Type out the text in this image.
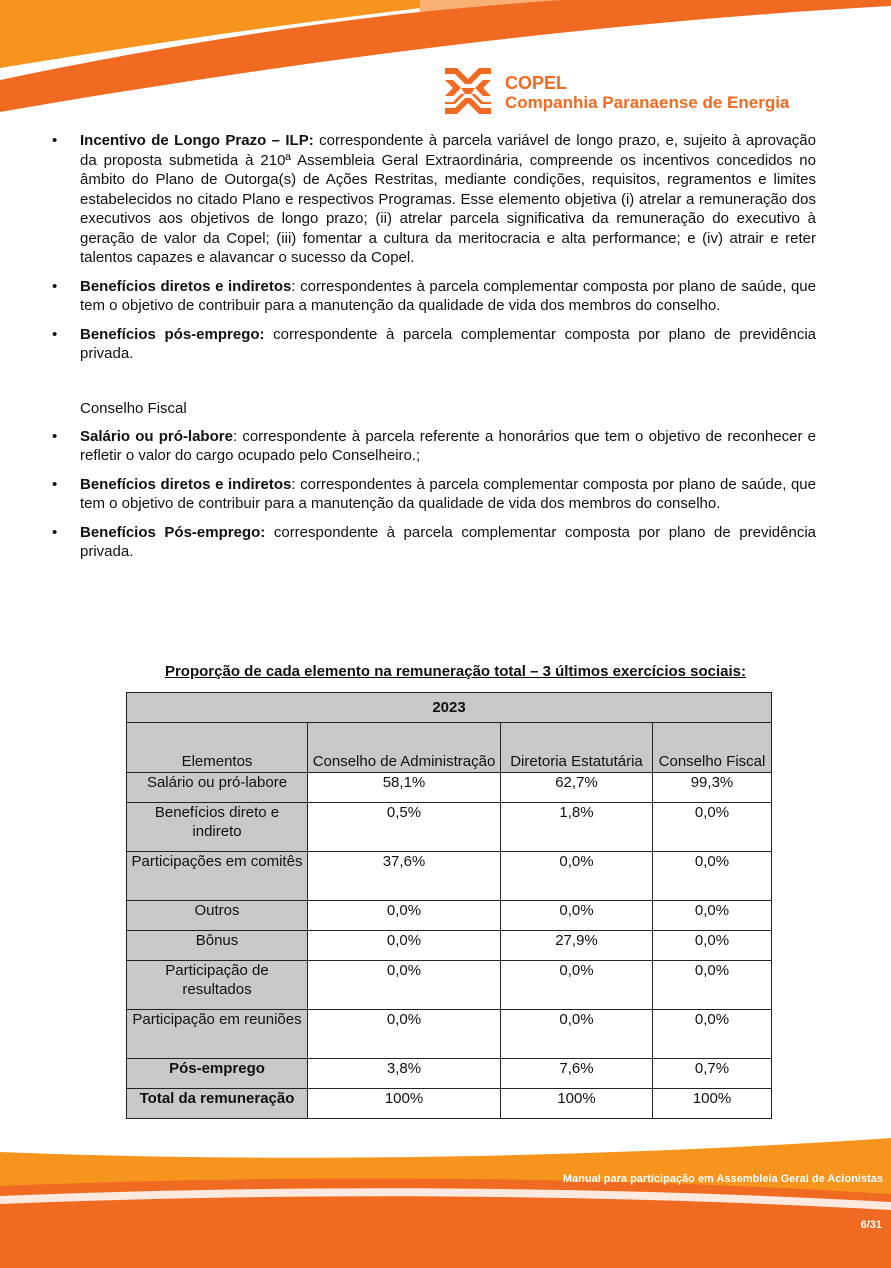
COPEL
Companhia Paranaense de Energia
• Incentivo de Longo Prazo – ILP: correspondente à parcela variável de longo prazo, e, sujeito à aprovação da proposta submetida à 210ª Assembleia Geral Extraordinária, compreende os incentivos concedidos no âmbito do Plano de Outorga(s) de Ações Restritas, mediante condições, requisitos, regramentos e limites estabelecidos no citado Plano e respectivos Programas. Esse elemento objetiva (i) atrelar a remuneração dos executivos aos objetivos de longo prazo; (ii) atrelar parcela significativa da remuneração do executivo à geração de valor da Copel; (iii) fomentar a cultura da meritocracia e alta performance; e (iv) atrair e reter talentos capazes e alavancar o sucesso da Copel.
• Benefícios diretos e indiretos: correspondentes à parcela complementar composta por plano de saúde, que tem o objetivo de contribuir para a manutenção da qualidade de vida dos membros do conselho.
• Benefícios pós-emprego: correspondente à parcela complementar composta por plano de previdência privada.
Conselho Fiscal
• Salário ou pró-labore: correspondente à parcela referente a honorários que tem o objetivo de reconhecer e refletir o valor do cargo ocupado pelo Conselheiro.;
• Benefícios diretos e indiretos: correspondentes à parcela complementar composta por plano de saúde, que tem o objetivo de contribuir para a manutenção da qualidade de vida dos membros do conselho.
• Benefícios Pós-emprego: correspondente à parcela complementar composta por plano de previdência privada.
Proporção de cada elemento na remuneração total – 3 últimos exercícios sociais:
2023			
Elementos	Conselho de Administração	Diretoria Estatutária	Conselho Fiscal
Salário ou pró-labore	58,1%	62,7%	99,3%
Benefícios direto e indireto	0,5%	1,8%	0,0%
Participações em comitês	37,6%	0,0%	0,0%
Outros	0,0%	0,0%	0,0%
Bônus	0,0%	27,9%	0,0%
Participação de resultados	0,0%	0,0%	0,0%
Participação em reuniões	0,0%	0,0%	0,0%
Pós-emprego	3,8%	7,6%	0,7%
Total da remuneração	100%	100%	100%
Manual para participação em Assembleia Geral de Acionistas
6/31
